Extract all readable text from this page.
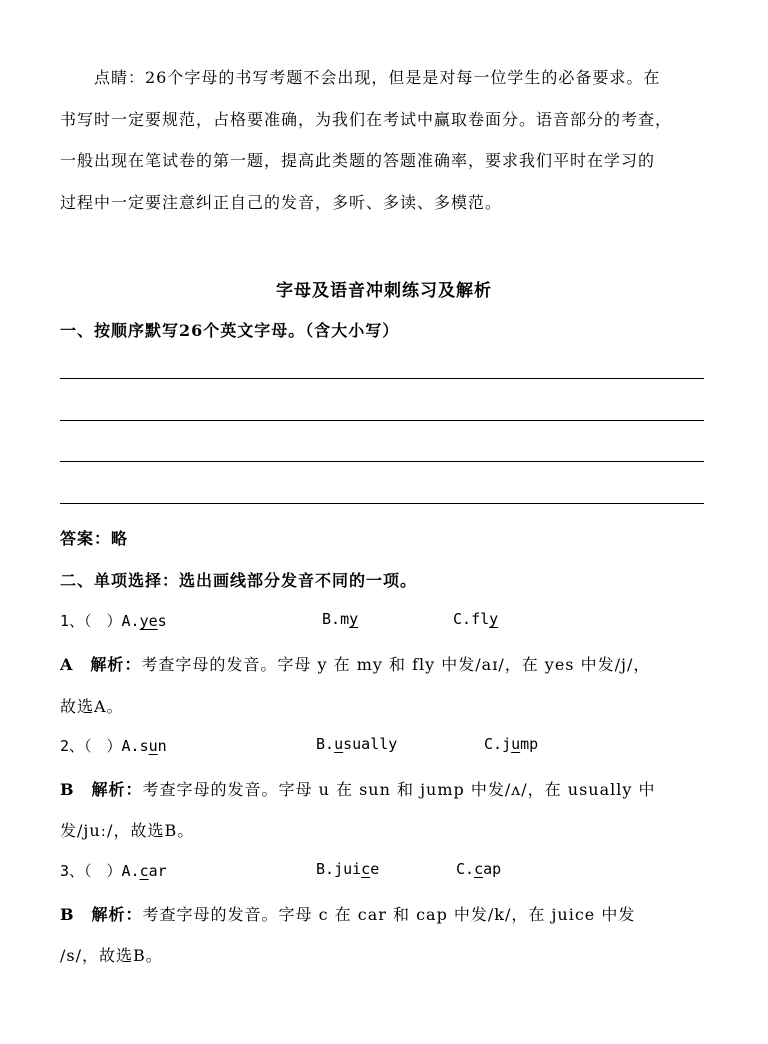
点睛：26个字母的书写考题不会出现，但是是对每一位学生的必备要求。在
书写时一定要规范，占格要准确，为我们在考试中赢取卷面分。语音部分的考查，
一般出现在笔试卷的第一题，提高此类题的答题准确率，要求我们平时在学习的
过程中一定要注意纠正自己的发音，多听、多读、多模范。
字母及语音冲刺练习及解析
一、按顺序默写26个英文字母。（含大小写）
答案：略
二、单项选择：选出画线部分发音不同的一项。
1、（　）A.yes	B.my	C.fly
A　解析：考查字母的发音。字母 y 在 my 和 fly 中发/aɪ/，在 yes 中发/j/，
故选A。
2、（　）A.sun	B.usually	C.jump
B　解析：考查字母的发音。字母 u 在 sun 和 jump 中发/ʌ/，在 usually 中
发/juː/，故选B。
3、（　）A.car	B.juice	C.cap
B　解析：考查字母的发音。字母 c 在 car 和 cap 中发/k/，在 juice 中发
/s/，故选B。
